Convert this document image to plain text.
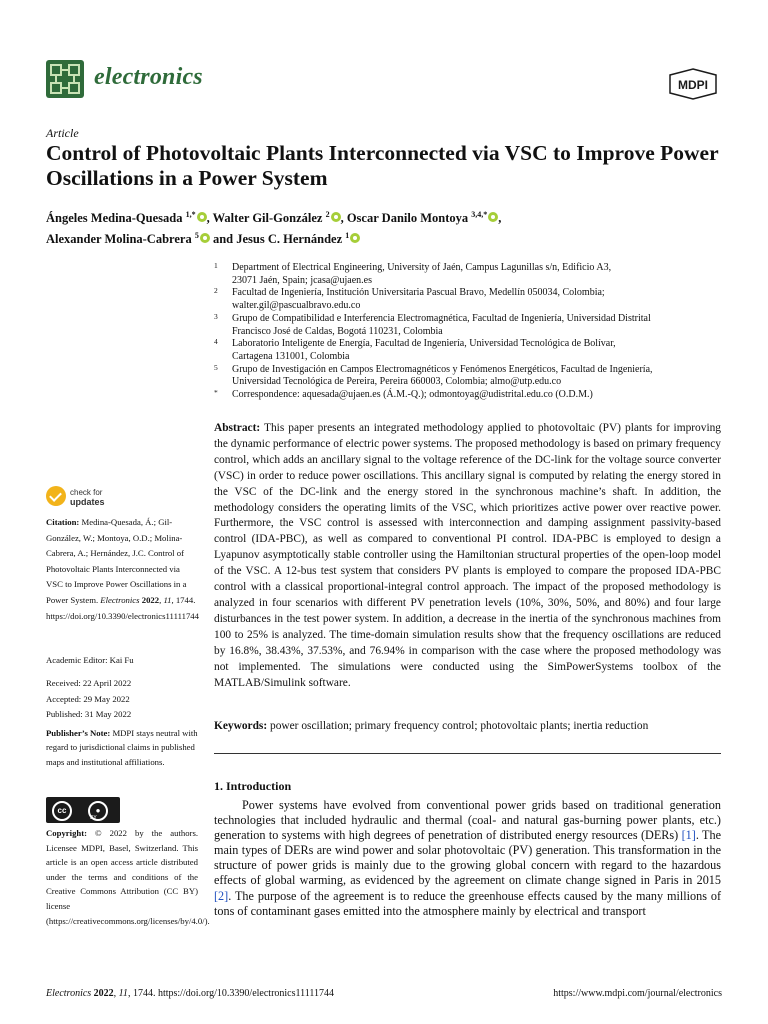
electronics	MDPI
Article
Control of Photovoltaic Plants Interconnected via VSC to Improve Power Oscillations in a Power System
Ángeles Medina-Quesada $^{1,*}$ , Walter Gil-González $^2$ , Oscar Danilo Montoya $^{3,4,*}$ ,
Alexander Molina-Cabrera $^5$ and Jesus C. Hernández $^1$
1 Department of Electrical Engineering, University of Jaén, Campus Lagunillas s/n, Edificio A3,
23071 Jaén, Spain; jcasa@ujaen.es
2 Facultad de Ingeniería, Institución Universitaria Pascual Bravo, Medellín 050034, Colombia;
walter.gil@pascualbravo.edu.co
3 Grupo de Compatibilidad e Interferencia Electromagnética, Facultad de Ingeniería, Universidad Distrital
Francisco José de Caldas, Bogotá 110231, Colombia
4 Laboratorio Inteligente de Energía, Facultad de Ingeniería, Universidad Tecnológica de Bolívar,
Cartagena 131001, Colombia
5 Grupo de Investigación en Campos Electromagnéticos y Fenómenos Energéticos, Facultad de Ingeniería,
Universidad Tecnológica de Pereira, Pereira 660003, Colombia; almo@utp.edu.co
* Correspondence: aquesada@ujaen.es (Á.M.-Q.); odmontoyag@udistrital.edu.co (O.D.M.)
Abstract: This paper presents an integrated methodology applied to photovoltaic (PV) plants for improving the dynamic performance of electric power systems. The proposed methodology is based on primary frequency control, which adds an ancillary signal to the voltage reference of the DC-link for the voltage source converter (VSC) in order to reduce power oscillations. This ancillary signal is computed by relating the energy stored in the VSC of the DC-link and the energy stored in the synchronous machine’s shaft. In addition, the methodology considers the operating limits of the VSC, which prioritizes active power over reactive power. Furthermore, the VSC control is assessed with interconnection and damping assignment passivity-based control (IDA-PBC), as well as compared to conventional PI control. IDA-PBC is employed to design a Lyapunov asymptotically stable controller using the Hamiltonian structural properties of the open-loop model of the VSC. A 12-bus test system that considers PV plants is employed to compare the proposed IDA-PBC control with a classical proportional-integral control approach. The impact of the proposed methodology is analyzed in four scenarios with different PV penetration levels (10%, 30%, 50%, and 80%) and four large disturbances in the test power system. In addition, a decrease in the inertia of the synchronous machines from 100 to 25% is analyzed. The time-domain simulation results show that the frequency oscillations are reduced by 16.8%, 38.43%, 37.53%, and 76.94% in comparison with the case where the proposed methodology was not implemented. The simulations were conducted using the SimPowerSystems toolbox of the MATLAB/Simulink software.
Keywords: power oscillation; primary frequency control; photovoltaic plants; inertia reduction
1. Introduction
Power systems have evolved from conventional power grids based on traditional generation technologies that included hydraulic and thermal (coal- and natural gas-burning power plants, etc.) generation to systems with high degrees of penetration of distributed energy resources (DERs) [1]. The main types of DERs are wind power and solar photovoltaic (PV) generation. This transformation in the structure of power grids is mainly due to the growing global concern with regard to the hazardous effects of global warming, as evidenced by the agreement on climate change signed in Paris in 2015 [2]. The purpose of the agreement is to reduce the greenhouse effects caused by the many millions of tons of contaminant gases emitted into the atmosphere mainly by electrical and transport
check for
updates
Citation: Medina-Quesada, Á.; Gil-González, W.; Montoya, O.D.; Molina-Cabrera, A.; Hernández, J.C. Control of Photovoltaic Plants Interconnected via VSC to Improve Power Oscillations in a Power System. Electronics 2022, 11, 1744. https://doi.org/10.3390/electronics11111744
Academic Editor: Kai Fu
Received: 22 April 2022
Accepted: 29 May 2022
Published: 31 May 2022
Publisher’s Note: MDPI stays neutral with regard to jurisdictional claims in published maps and institutional affiliations.
cc	●
BY
Copyright: © 2022 by the authors. Licensee MDPI, Basel, Switzerland. This article is an open access article distributed under the terms and conditions of the Creative Commons Attribution (CC BY) license (https://creativecommons.org/licenses/by/4.0/).
Electronics 2022, 11, 1744. https://doi.org/10.3390/electronics11111744	https://www.mdpi.com/journal/electronics
